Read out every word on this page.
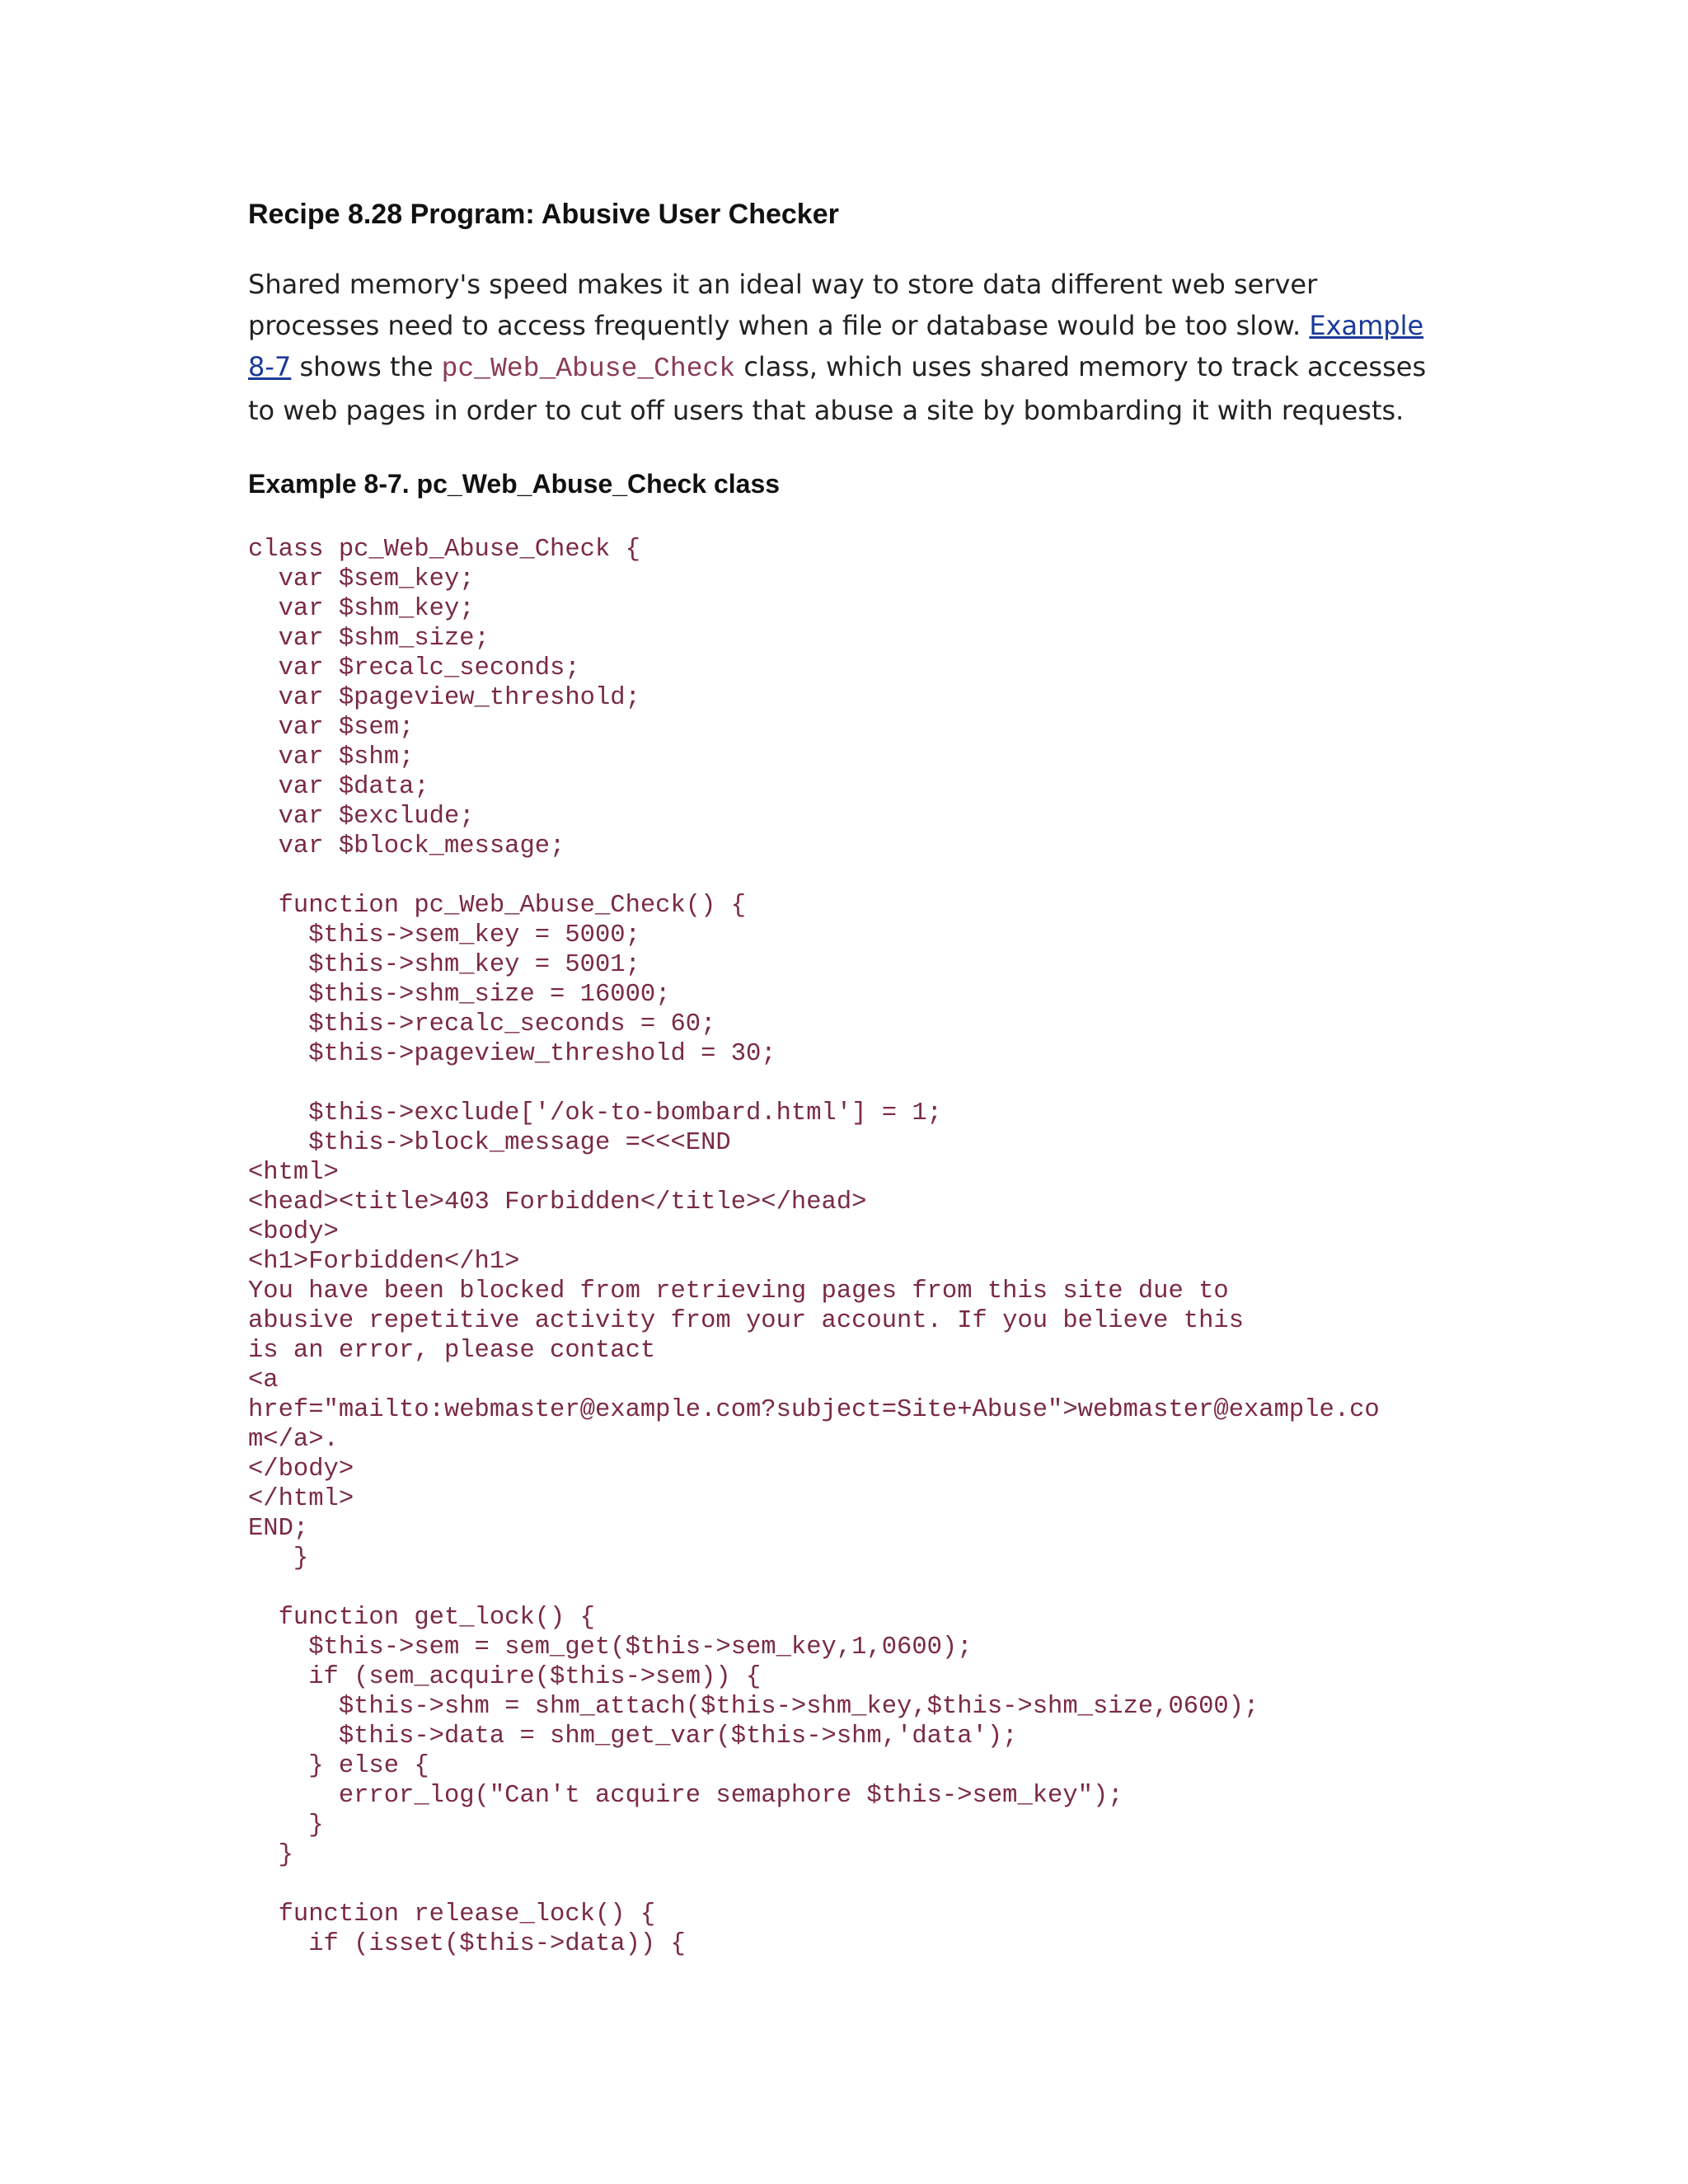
Recipe 8.28 Program: Abusive User Checker

Shared memory's speed makes it an ideal way to store data different web server processes need to access frequently when a file or database would be too slow. Example 8-7 shows the pc_Web_Abuse_Check class, which uses shared memory to track accesses to web pages in order to cut off users that abuse a site by bombarding it with requests.

Example 8-7. pc_Web_Abuse_Check class
class pc_Web_Abuse_Check {
var $sem_key;
var $shm_key;
var $shm_size;
var $recalc_seconds;
var $pageview_threshold;
var $sem;
var $shm;
var $data;
var $exclude;
var $block_message;

function pc_Web_Abuse_Check() {
$this->sem_key = 5000;
$this->shm_key = 5001;
$this->shm_size = 16000;
$this->recalc_seconds = 60;
$this->pageview_threshold = 30;

$this->exclude['/ok-to-bombard.html'] = 1;
$this->block_message =<<<END
<html>
<head><title>403 Forbidden</title></head>
<body>
<h1>Forbidden</h1>
You have been blocked from retrieving pages from this site due to
abusive repetitive activity from your account. If you believe this
is an error, please contact
<a
href="mailto:webmaster@example.com?subject=Site+Abuse">webmaster@example.co
m</a>.
</body>
</html>
END;
}

function get_lock() {
$this->sem = sem_get($this->sem_key,1,0600);
if (sem_acquire($this->sem)) {
$this->shm = shm_attach($this->shm_key,$this->shm_size,0600);
$this->data = shm_get_var($this->shm,'data');
} else {
error_log("Can't acquire semaphore $this->sem_key");
}
}

function release_lock() {
if (isset($this->data)) {
